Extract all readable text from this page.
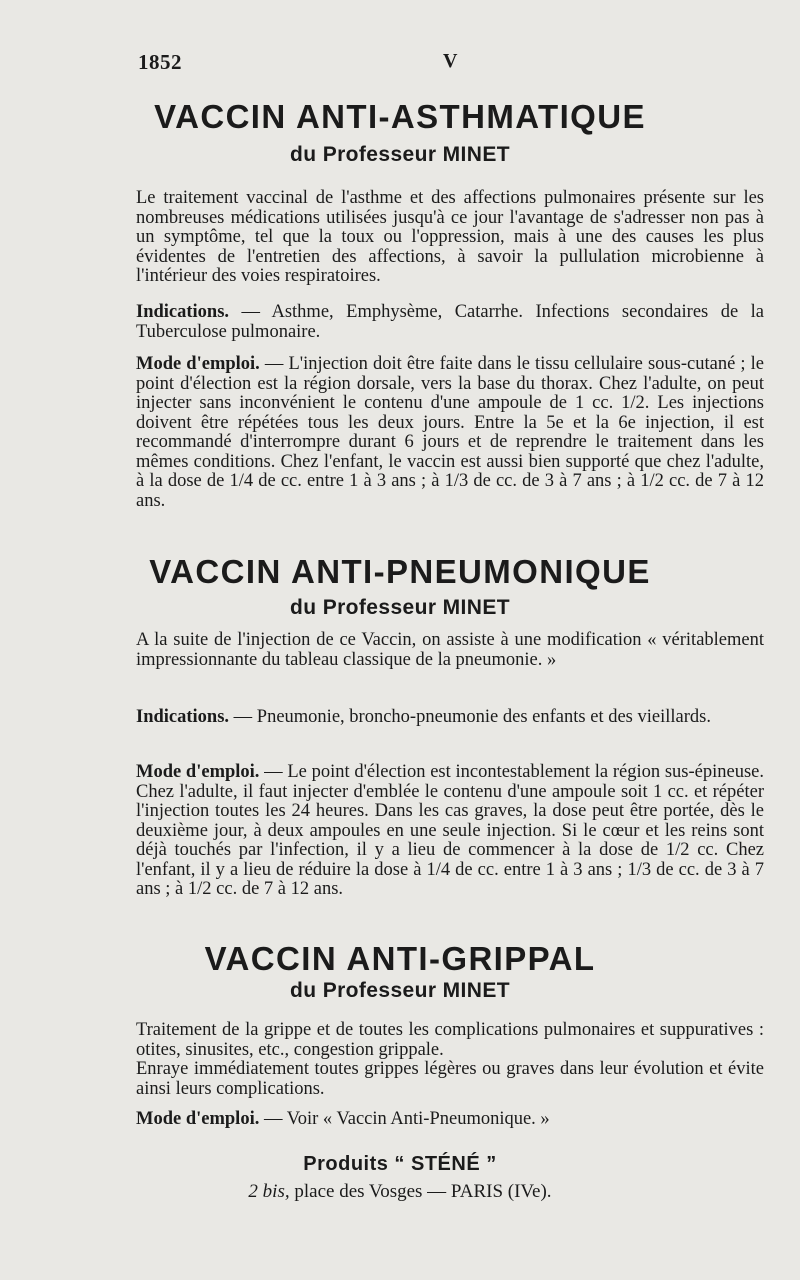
1852	V
VACCIN ANTI-ASTHMATIQUE
du Professeur MINET
Le traitement vaccinal de l'asthme et des affections pulmonaires présente sur les nombreuses médications utilisées jusqu'à ce jour l'avantage de s'adresser non pas à un symptôme, tel que la toux ou l'oppression, mais à une des causes les plus évidentes de l'entretien des affections, à savoir la pullulation microbienne à l'intérieur des voies respiratoires.
Indications. — Asthme, Emphysème, Catarrhe. Infections secondaires de la Tuberculose pulmonaire.
Mode d'emploi. — L'injection doit être faite dans le tissu cellulaire sous-cutané ; le point d'élection est la région dorsale, vers la base du thorax. Chez l'adulte, on peut injecter sans inconvénient le contenu d'une ampoule de 1 cc. 1/2. Les injections doivent être répétées tous les deux jours. Entre la 5e et la 6e injection, il est recommandé d'interrompre durant 6 jours et de reprendre le traitement dans les mêmes conditions. Chez l'enfant, le vaccin est aussi bien supporté que chez l'adulte, à la dose de 1/4 de cc. entre 1 à 3 ans ; à 1/3 de cc. de 3 à 7 ans ; à 1/2 cc. de 7 à 12 ans.
VACCIN ANTI-PNEUMONIQUE
du Professeur MINET
A la suite de l'injection de ce Vaccin, on assiste à une modification « véritablement impressionnante du tableau classique de la pneumonie. »
Indications. — Pneumonie, broncho-pneumonie des enfants et des vieillards.
Mode d'emploi. — Le point d'élection est incontestablement la région sus-épineuse. Chez l'adulte, il faut injecter d'emblée le contenu d'une ampoule soit 1 cc. et répéter l'injection toutes les 24 heures. Dans les cas graves, la dose peut être portée, dès le deuxième jour, à deux ampoules en une seule injection. Si le cœur et les reins sont déjà touchés par l'infection, il y a lieu de commencer à la dose de 1/2 cc. Chez l'enfant, il y a lieu de réduire la dose à 1/4 de cc. entre 1 à 3 ans ; 1/3 de cc. de 3 à 7 ans ; à 1/2 cc. de 7 à 12 ans.
VACCIN ANTI-GRIPPAL
du Professeur MINET
Traitement de la grippe et de toutes les complications pulmonaires et suppuratives : otites, sinusites, etc., congestion grippale.
Enraye immédiatement toutes grippes légères ou graves dans leur évolution et évite ainsi leurs complications.
Mode d'emploi. — Voir « Vaccin Anti-Pneumonique. »
Produits “ STÉNÉ ”
2 bis, place des Vosges — PARIS (IVe).
